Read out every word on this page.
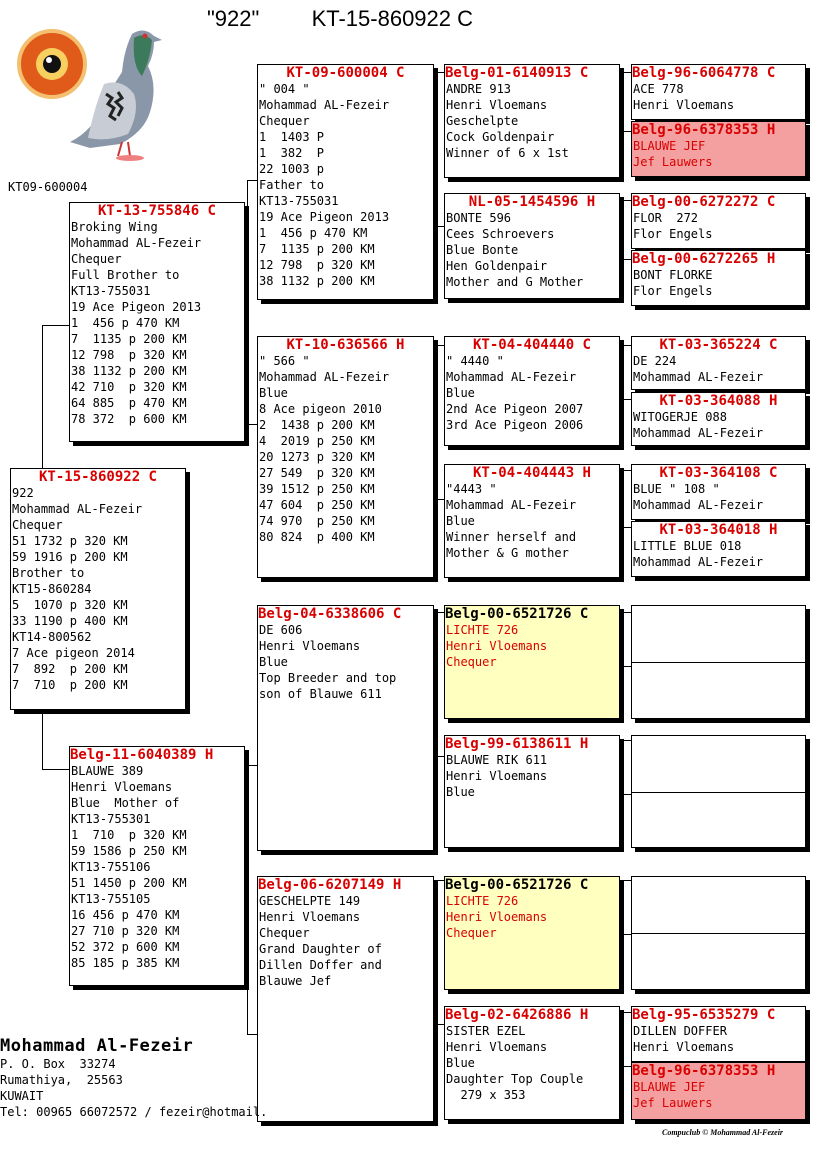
"922" KT-15-860922 C
KT09-600004
KT-15-860922 C
922
Mohammad AL-Fezeir
Chequer
51 1732 p 320 KM
59 1916 p 200 KM
Brother to
KT15-860284
5  1070 p 320 KM
33 1190 p 400 KM
KT14-800562
7 Ace pigeon 2014
7  892  p 200 KM
7  710  p 200 KM
KT-13-755846 C
Broking Wing
Mohammad AL-Fezeir
Chequer
Full Brother to
KT13-755031
19 Ace Pigeon 2013
1  456 p 470 KM
7  1135 p 200 KM
12 798  p 320 KM
38 1132 p 200 KM
42 710  p 320 KM
64 885  p 470 KM
78 372  p 600 KM
Belg-11-6040389 H
BLAUWE 389
Henri Vloemans
Blue  Mother of
KT13-755301
1  710  p 320 KM
59 1586 p 250 KM
KT13-755106
51 1450 p 200 KM
KT13-755105
16 456 p 470 KM
27 710 p 320 KM
52 372 p 600 KM
85 185 p 385 KM
KT-09-600004 C
" 004 "
Mohammad AL-Fezeir
Chequer
1  1403 P
1  382  P
22 1003 p
Father to
KT13-755031
19 Ace Pigeon 2013
1  456 p 470 KM
7  1135 p 200 KM
12 798  p 320 KM
38 1132 p 200 KM
KT-10-636566 H
" 566 "
Mohammad AL-Fezeir
Blue
8 Ace pigeon 2010
2  1438 p 200 KM
4  2019 p 250 KM
20 1273 p 320 KM
27 549  p 320 KM
39 1512 p 250 KM
47 604  p 250 KM
74 970  p 250 KM
80 824  p 400 KM
Belg-04-6338606 C
DE 606
Henri Vloemans
Blue
Top Breeder and top
son of Blauwe 611
Belg-06-6207149 H
GESCHELPTE 149
Henri Vloemans
Chequer
Grand Daughter of
Dillen Doffer and
Blauwe Jef
Belg-01-6140913 C
ANDRE 913
Henri Vloemans
Geschelpte
Cock Goldenpair
Winner of 6 x 1st
NL-05-1454596 H
BONTE 596
Cees Schroevers
Blue Bonte
Hen Goldenpair
Mother and G Mother
KT-04-404440 C
" 4440 "
Mohammad AL-Fezeir
Blue
2nd Ace Pigeon 2007
3rd Ace Pigeon 2006
KT-04-404443 H
"4443 "
Mohammad AL-Fezeir
Blue
Winner herself and
Mother & G mother
Belg-00-6521726 C
LICHTE 726
Henri Vloemans
Chequer
Belg-99-6138611 H
BLAUWE RIK 611
Henri Vloemans
Blue
Belg-00-6521726 C
LICHTE 726
Henri Vloemans
Chequer
Belg-02-6426886 H
SISTER EZEL
Henri Vloemans
Blue
Daughter Top Couple
279 x 353
Belg-96-6064778 C
ACE 778
Henri Vloemans
Belg-96-6378353 H
BLAUWE JEF
Jef Lauwers
Belg-00-6272272 C
FLOR  272
Flor Engels
Belg-00-6272265 H
BONT FLORKE
Flor Engels
KT-03-365224 C
DE 224
Mohammad AL-Fezeir
KT-03-364088 H
WITOGERJE 088
Mohammad AL-Fezeir
KT-03-364108 C
BLUE " 108 "
Mohammad AL-Fezeir
KT-03-364018 H
LITTLE BLUE 018
Mohammad AL-Fezeir
Belg-95-6535279 C
DILLEN DOFFER
Henri Vloemans
Belg-96-6378353 H
BLAUWE JEF
Jef Lauwers
Mohammad Al-Fezeir
P. O. Box  33274
Rumathiya,  25563
KUWAIT
Tel: 00965 66072572 / fezeir@hotmail.
Compuclub © Mohammad Al-Fezeir
